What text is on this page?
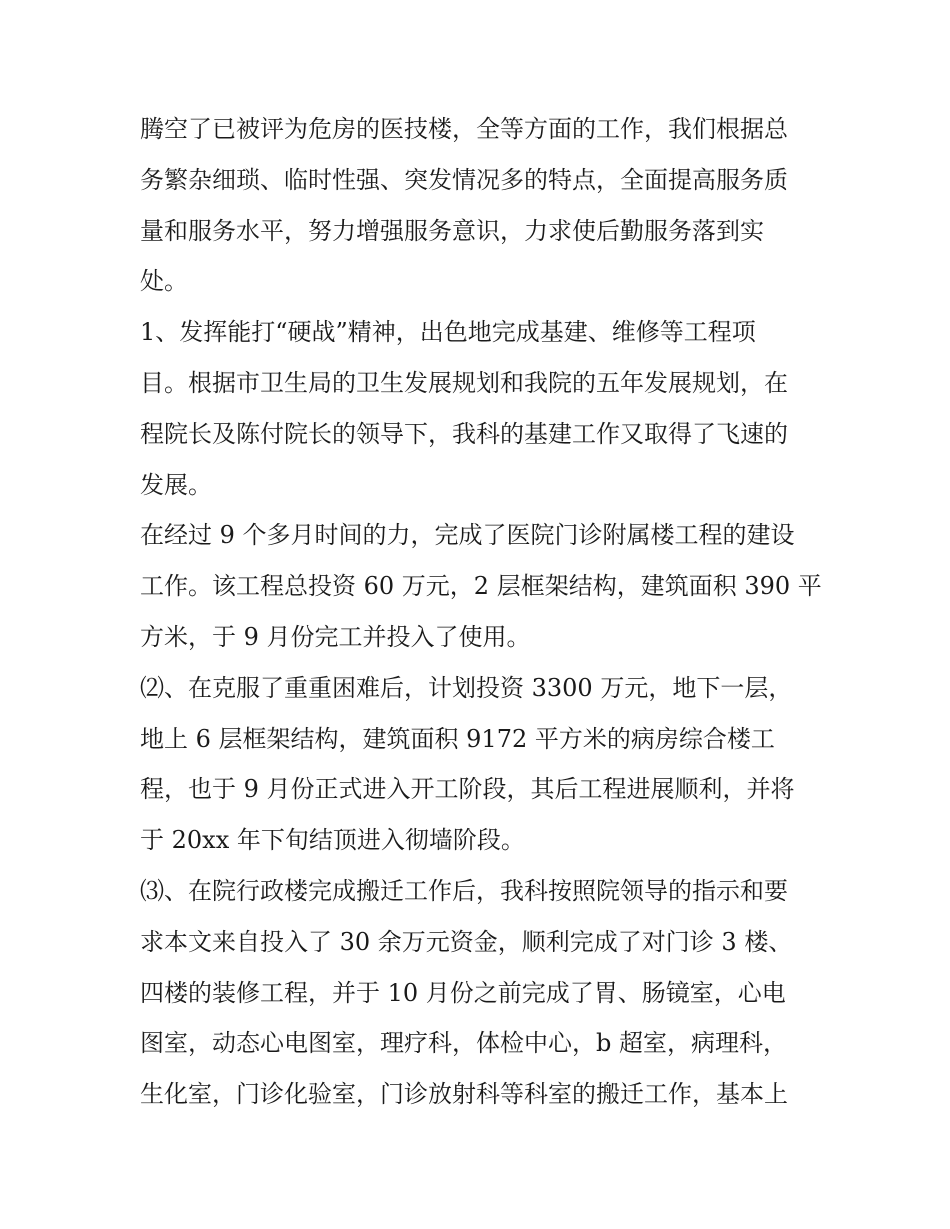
腾空了已被评为危房的医技楼，全等方面的工作，我们根据总
务繁杂细琐、临时性强、突发情况多的特点，全面提高服务质
量和服务水平，努力增强服务意识，力求使后勤服务落到实
处。
1、发挥能打“硬战”精神，出色地完成基建、维修等工程项
目。根据市卫生局的卫生发展规划和我院的五年发展规划，在
程院长及陈付院长的领导下，我科的基建工作又取得了飞速的
发展。
在经过 9 个多月时间的力，完成了医院门诊附属楼工程的建设
工作。该工程总投资 60 万元，2 层框架结构，建筑面积 390 平
方米，于 9 月份完工并投入了使用。
⑵、在克服了重重困难后，计划投资 3300 万元，地下一层，
地上 6 层框架结构，建筑面积 9172 平方米的病房综合楼工
程，也于 9 月份正式进入开工阶段，其后工程进展顺利，并将
于 20xx 年下旬结顶进入彻墙阶段。
⑶、在院行政楼完成搬迁工作后，我科按照院领导的指示和要
求本文来自投入了 30 余万元资金，顺利完成了对门诊 3 楼、
四楼的装修工程，并于 10 月份之前完成了胃、肠镜室，心电
图室，动态心电图室，理疗科，体检中心，b 超室，病理科，
生化室，门诊化验室，门诊放射科等科室的搬迁工作，基本上
